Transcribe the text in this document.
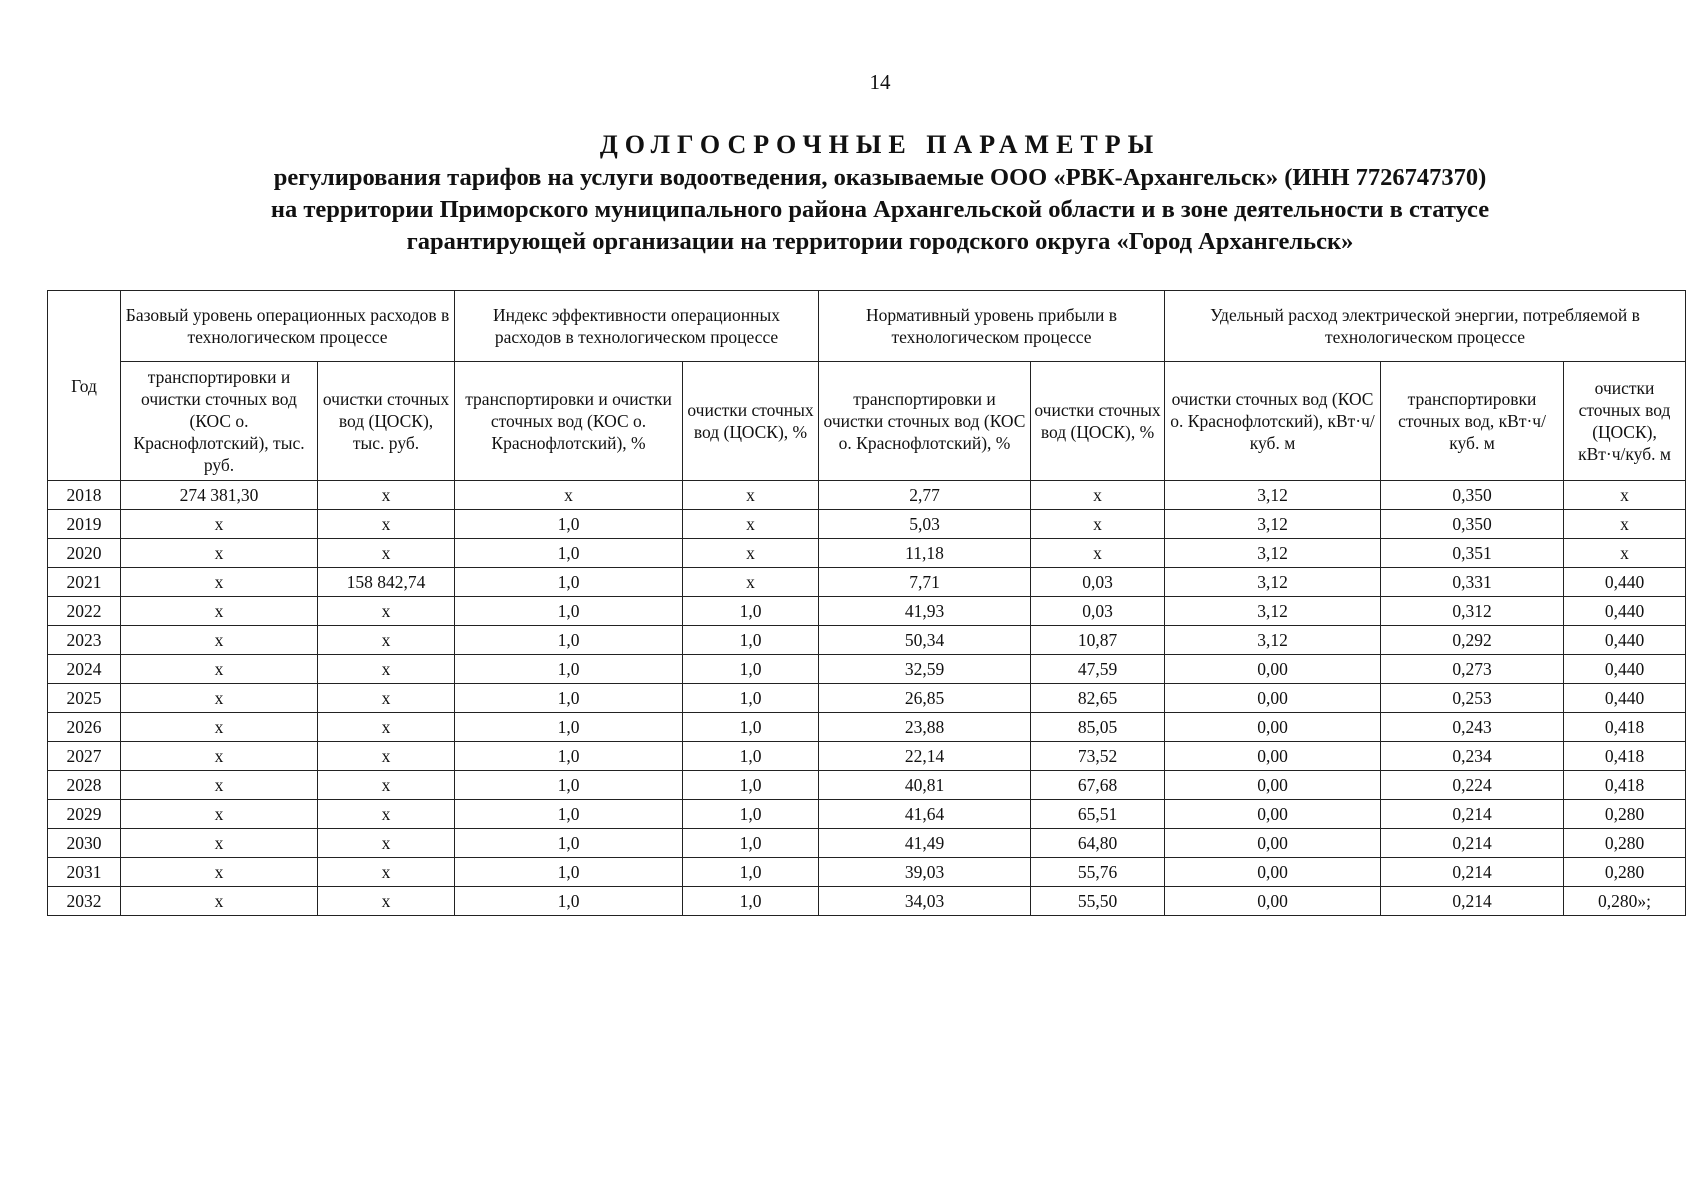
14
ДОЛГОСРОЧНЫЕ ПАРАМЕТРЫ
регулирования тарифов на услуги водоотведения, оказываемые ООО «РВК-Архангельск» (ИНН 7726747370)
на территории Приморского муниципального района Архангельской области и в зоне деятельности в статусе
гарантирующей организации на территории городского округа «Город Архангельск»
Год	Базовый уровень операционных расходов в технологическом процессе		Индекс эффективности операционных расходов в технологическом процессе		Нормативный уровень прибыли в технологическом процессе		Удельный расход электрической энергии, потребляемой в технологическом процессе		
	транспортировки и очистки сточных вод (КОС о. Краснофлотский), тыс. руб.	очистки сточных вод (ЦОСК), тыс. руб.	транспортировки и очистки сточных вод (КОС о. Краснофлотский), %	очистки сточных вод (ЦОСК), %	транспортировки и очистки сточных вод (КОС о. Краснофлотский), %	очистки сточных вод (ЦОСК), %	очистки сточных вод (КОС о. Краснофлотский), кВт·ч/куб. м	транспортировки сточных вод, кВт·ч/куб. м	очистки сточных вод (ЦОСК), кВт·ч/куб. м
2018	274 381,30	x	x	x	2,77	x	3,12	0,350	x
2019	x	x	1,0	x	5,03	x	3,12	0,350	x
2020	x	x	1,0	x	11,18	x	3,12	0,351	x
2021	x	158 842,74	1,0	x	7,71	0,03	3,12	0,331	0,440
2022	x	x	1,0	1,0	41,93	0,03	3,12	0,312	0,440
2023	x	x	1,0	1,0	50,34	10,87	3,12	0,292	0,440
2024	x	x	1,0	1,0	32,59	47,59	0,00	0,273	0,440
2025	x	x	1,0	1,0	26,85	82,65	0,00	0,253	0,440
2026	x	x	1,0	1,0	23,88	85,05	0,00	0,243	0,418
2027	x	x	1,0	1,0	22,14	73,52	0,00	0,234	0,418
2028	x	x	1,0	1,0	40,81	67,68	0,00	0,224	0,418
2029	x	x	1,0	1,0	41,64	65,51	0,00	0,214	0,280
2030	x	x	1,0	1,0	41,49	64,80	0,00	0,214	0,280
2031	x	x	1,0	1,0	39,03	55,76	0,00	0,214	0,280
2032	x	x	1,0	1,0	34,03	55,50	0,00	0,214	0,280»;
